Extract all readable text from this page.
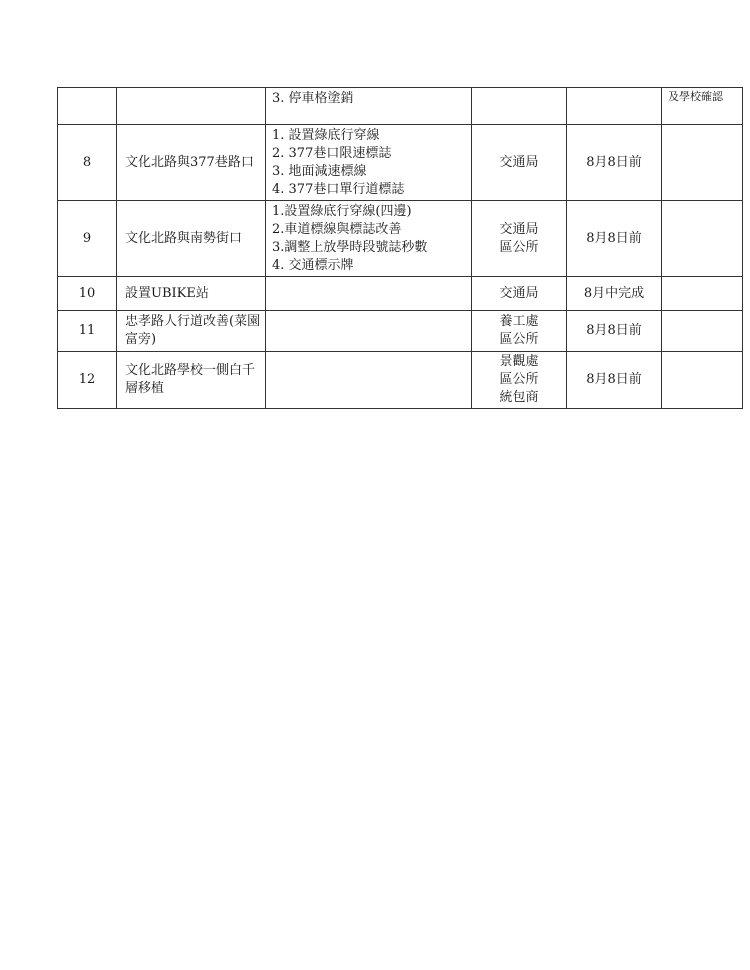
		3. 停車格塗銷			及學校確認
8	文化北路與377巷路口	1. 設置綠底行穿線
2. 377巷口限速標誌
3. 地面減速標線
4. 377巷口單行道標誌	交通局	8月8日前	
9	文化北路與南勢街口	1.設置綠底行穿線(四邊)
2.車道標線與標誌改善
3.調整上放學時段號誌秒數
4. 交通標示牌	交通局
區公所	8月8日前	
10	設置UBIKE站		交通局	8月中完成	
11	忠孝路人行道改善(菜園富旁)		養工處
區公所	8月8日前	
12	文化北路學校一側白千層移植		景觀處
區公所
統包商	8月8日前	
